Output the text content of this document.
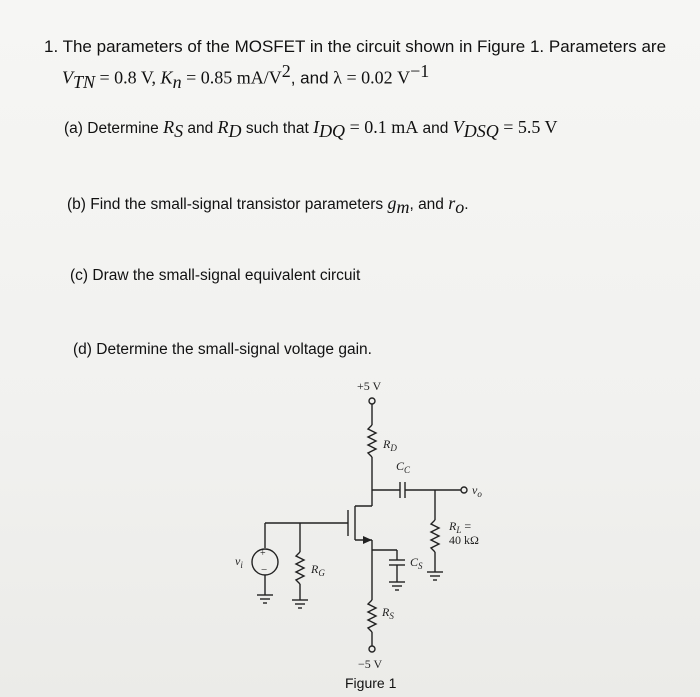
1. The parameters of the MOSFET in the circuit shown in Figure 1. Parameters are
$V_{TN} = 0.8$ V, $K_n = 0.85$ $mA/V^2$, and λ = 0.02 $V^{-1}$
(a) Determine $R_S$ and $R_D$ such that $I_{DQ} = 0.1$ mA and $V_{DSQ} = 5.5$ V
(b) Find the small-signal transistor parameters $g_m$, and $r_o$.
(c) Draw the small-signal equivalent circuit
(d) Determine the small-signal voltage gain.
+
−
+5 V
$R_D$
$C_C$
$v_o$
$R_L$ =
40 kΩ
$v_i$	$R_G$
$C_S$
$R_S$
−5 V
Figure 1
